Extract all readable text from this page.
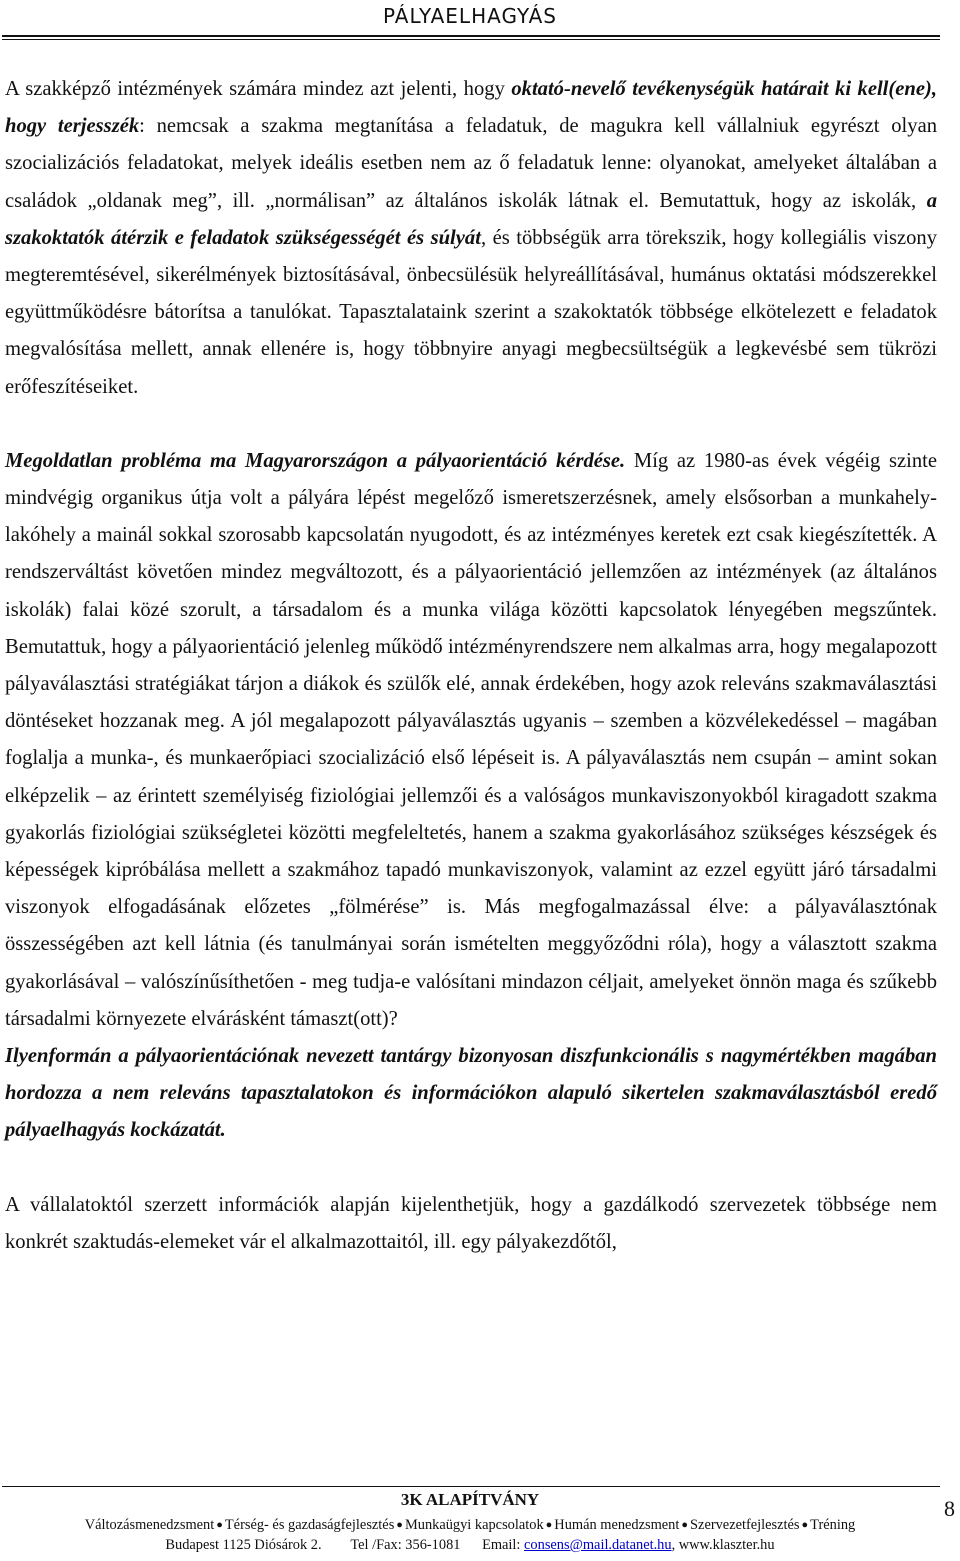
PÁLYAELHAGYÁS

A szakképző intézmények számára mindez azt jelenti, hogy oktató-nevelő tevékenységük határait ki kell(ene), hogy terjesszék: nemcsak a szakma megtanítása a feladatuk, de magukra kell vállalniuk egyrészt olyan szocializációs feladatokat, melyek ideális esetben nem az ő feladatuk lenne: olyanokat, amelyeket általában a családok „oldanak meg”, ill. „normálisan” az általános iskolák látnak el. Bemutattuk, hogy az iskolák, a szakoktatók átérzik e feladatok szükségességét és súlyát, és többségük arra törekszik, hogy kollegiális viszony megteremtésével, sikerélmények biztosításával, önbecsülésük helyreállításával, humánus oktatási módszerekkel együttműködésre bátorítsa a tanulókat. Tapasztalataink szerint a szakoktatók többsége elkötelezett e feladatok megvalósítása mellett, annak ellenére is, hogy többnyire anyagi megbecsültségük a legkevésbé sem tükrözi erőfeszítéseiket.

Megoldatlan probléma ma Magyarországon a pályaorientáció kérdése. Míg az 1980-as évek végéig szinte mindvégig organikus útja volt a pályára lépést megelőző ismeretszerzésnek, amely elsősorban a munkahely-lakóhely a mainál sokkal szorosabb kapcsolatán nyugodott, és az intézményes keretek ezt csak kiegészítették. A rendszerváltást követően mindez megváltozott, és a pályaorientáció jellemzően az intézmények (az általános iskolák) falai közé szorult, a társadalom és a munka világa közötti kapcsolatok lényegében megszűntek. Bemutattuk, hogy a pályaorientáció jelenleg működő intézményrendszere nem alkalmas arra, hogy megalapozott pályaválasztási stratégiákat tárjon a diákok és szülők elé, annak érdekében, hogy azok releváns szakmaválasztási döntéseket hozzanak meg. A jól megalapozott pályaválasztás ugyanis – szemben a közvélekedéssel – magában foglalja a munka-, és munkaerőpiaci szocializáció első lépéseit is. A pályaválasztás nem csupán – amint sokan elképzelik – az érintett személyiség fiziológiai jellemzői és a valóságos munkaviszonyokból kiragadott szakma gyakorlás fiziológiai szükségletei közötti megfeleltetés, hanem a szakma gyakorlásához szükséges készségek és képességek kipróbálása mellett a szakmához tapadó munkaviszonyok, valamint az ezzel együtt járó társadalmi viszonyok elfogadásának előzetes „fölmérése” is. Más megfogalmazással élve: a pályaválasztónak összességében azt kell látnia (és tanulmányai során ismételten meggyőződni róla), hogy a választott szakma gyakorlásával – valószínűsíthetően - meg tudja-e valósítani mindazon céljait, amelyeket önnön maga és szűkebb társadalmi környezete elvárásként támaszt(ott)?

Ilyenformán a pályaorientációnak nevezett tantárgy bizonyosan diszfunkcionális s nagymértékben magában hordozza a nem releváns tapasztalatokon és információkon alapuló sikertelen szakmaválasztásból eredő pályaelhagyás kockázatát.

A vállalatoktól szerzett információk alapján kijelenthetjük, hogy a gazdálkodó szervezetek többsége nem konkrét szaktudás-elemeket vár el alkalmazottaitól, ill. egy pályakezdőtől,

3K ALAPÍTVÁNY
Változásmenedzsment ● Térség- és gazdaságfejlesztés ● Munkaügyi kapcsolatok ● Humán menedzsment ● Szervezetfejlesztés ● Tréning
Budapest 1125 Diósárok 2. Tel /Fax: 356-1081 Email: consens@mail.datanet.hu, www.klaszter.hu
8
